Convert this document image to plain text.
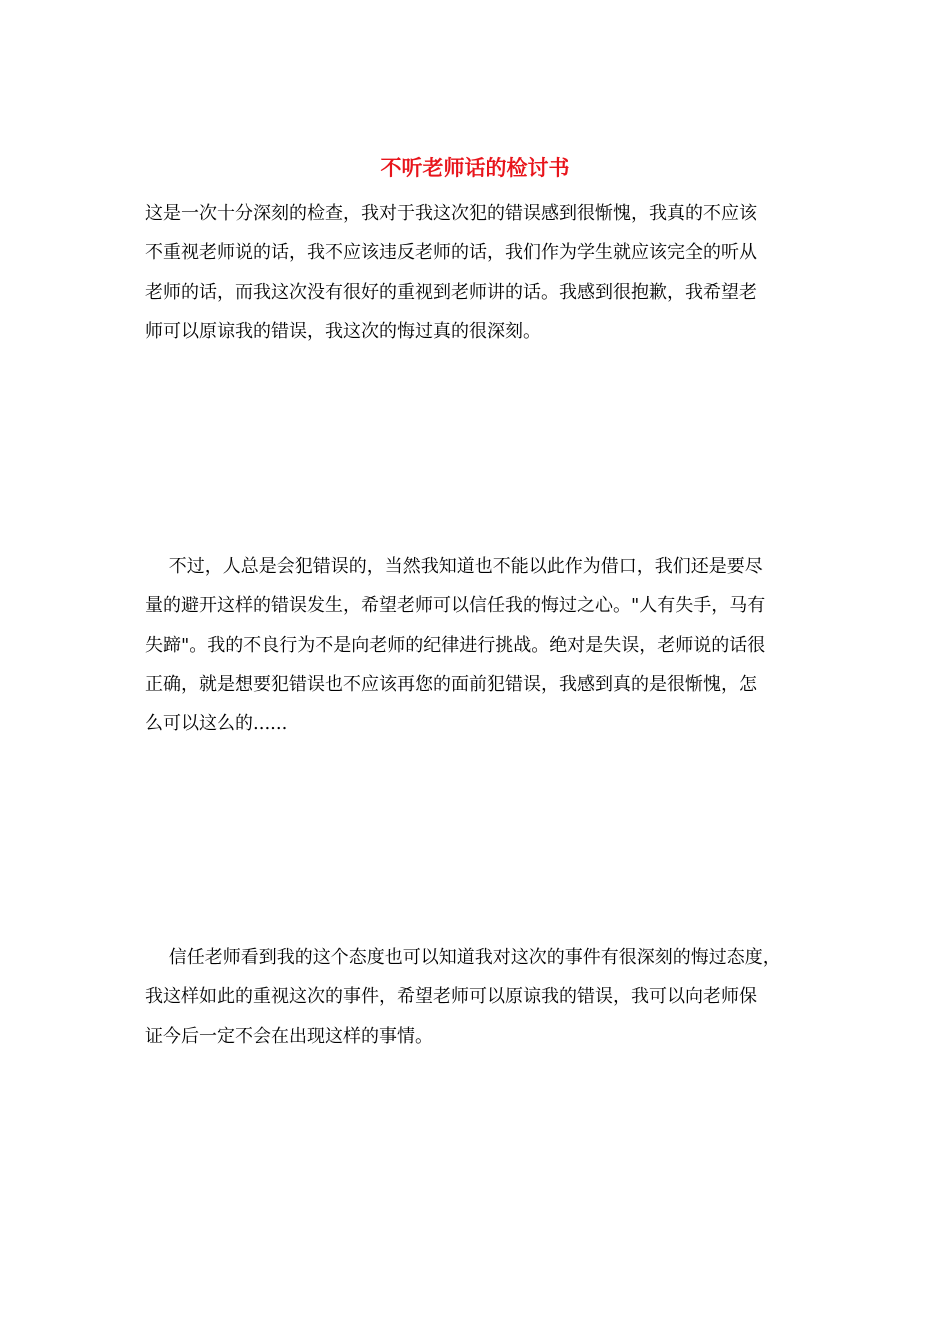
不听老师话的检讨书

这是一次十分深刻的检查，我对于我这次犯的错误感到很惭愧，我真的不应该
不重视老师说的话，我不应该违反老师的话，我们作为学生就应该完全的听从
老师的话，而我这次没有很好的重视到老师讲的话。我感到很抱歉，我希望老
师可以原谅我的错误，我这次的悔过真的很深刻。

　 不过，人总是会犯错误的，当然我知道也不能以此作为借口，我们还是要尽
量的避开这样的错误发生，希望老师可以信任我的悔过之心。"人有失手，马有
失蹄"。我的不良行为不是向老师的纪律进行挑战。绝对是失误，老师说的话很
正确，就是想要犯错误也不应该再您的面前犯错误，我感到真的是很惭愧，怎
么可以这么的......

　 信任老师看到我的这个态度也可以知道我对这次的事件有很深刻的悔过态度，
我这样如此的重视这次的事件，希望老师可以原谅我的错误，我可以向老师保
证今后一定不会在出现这样的事情。
